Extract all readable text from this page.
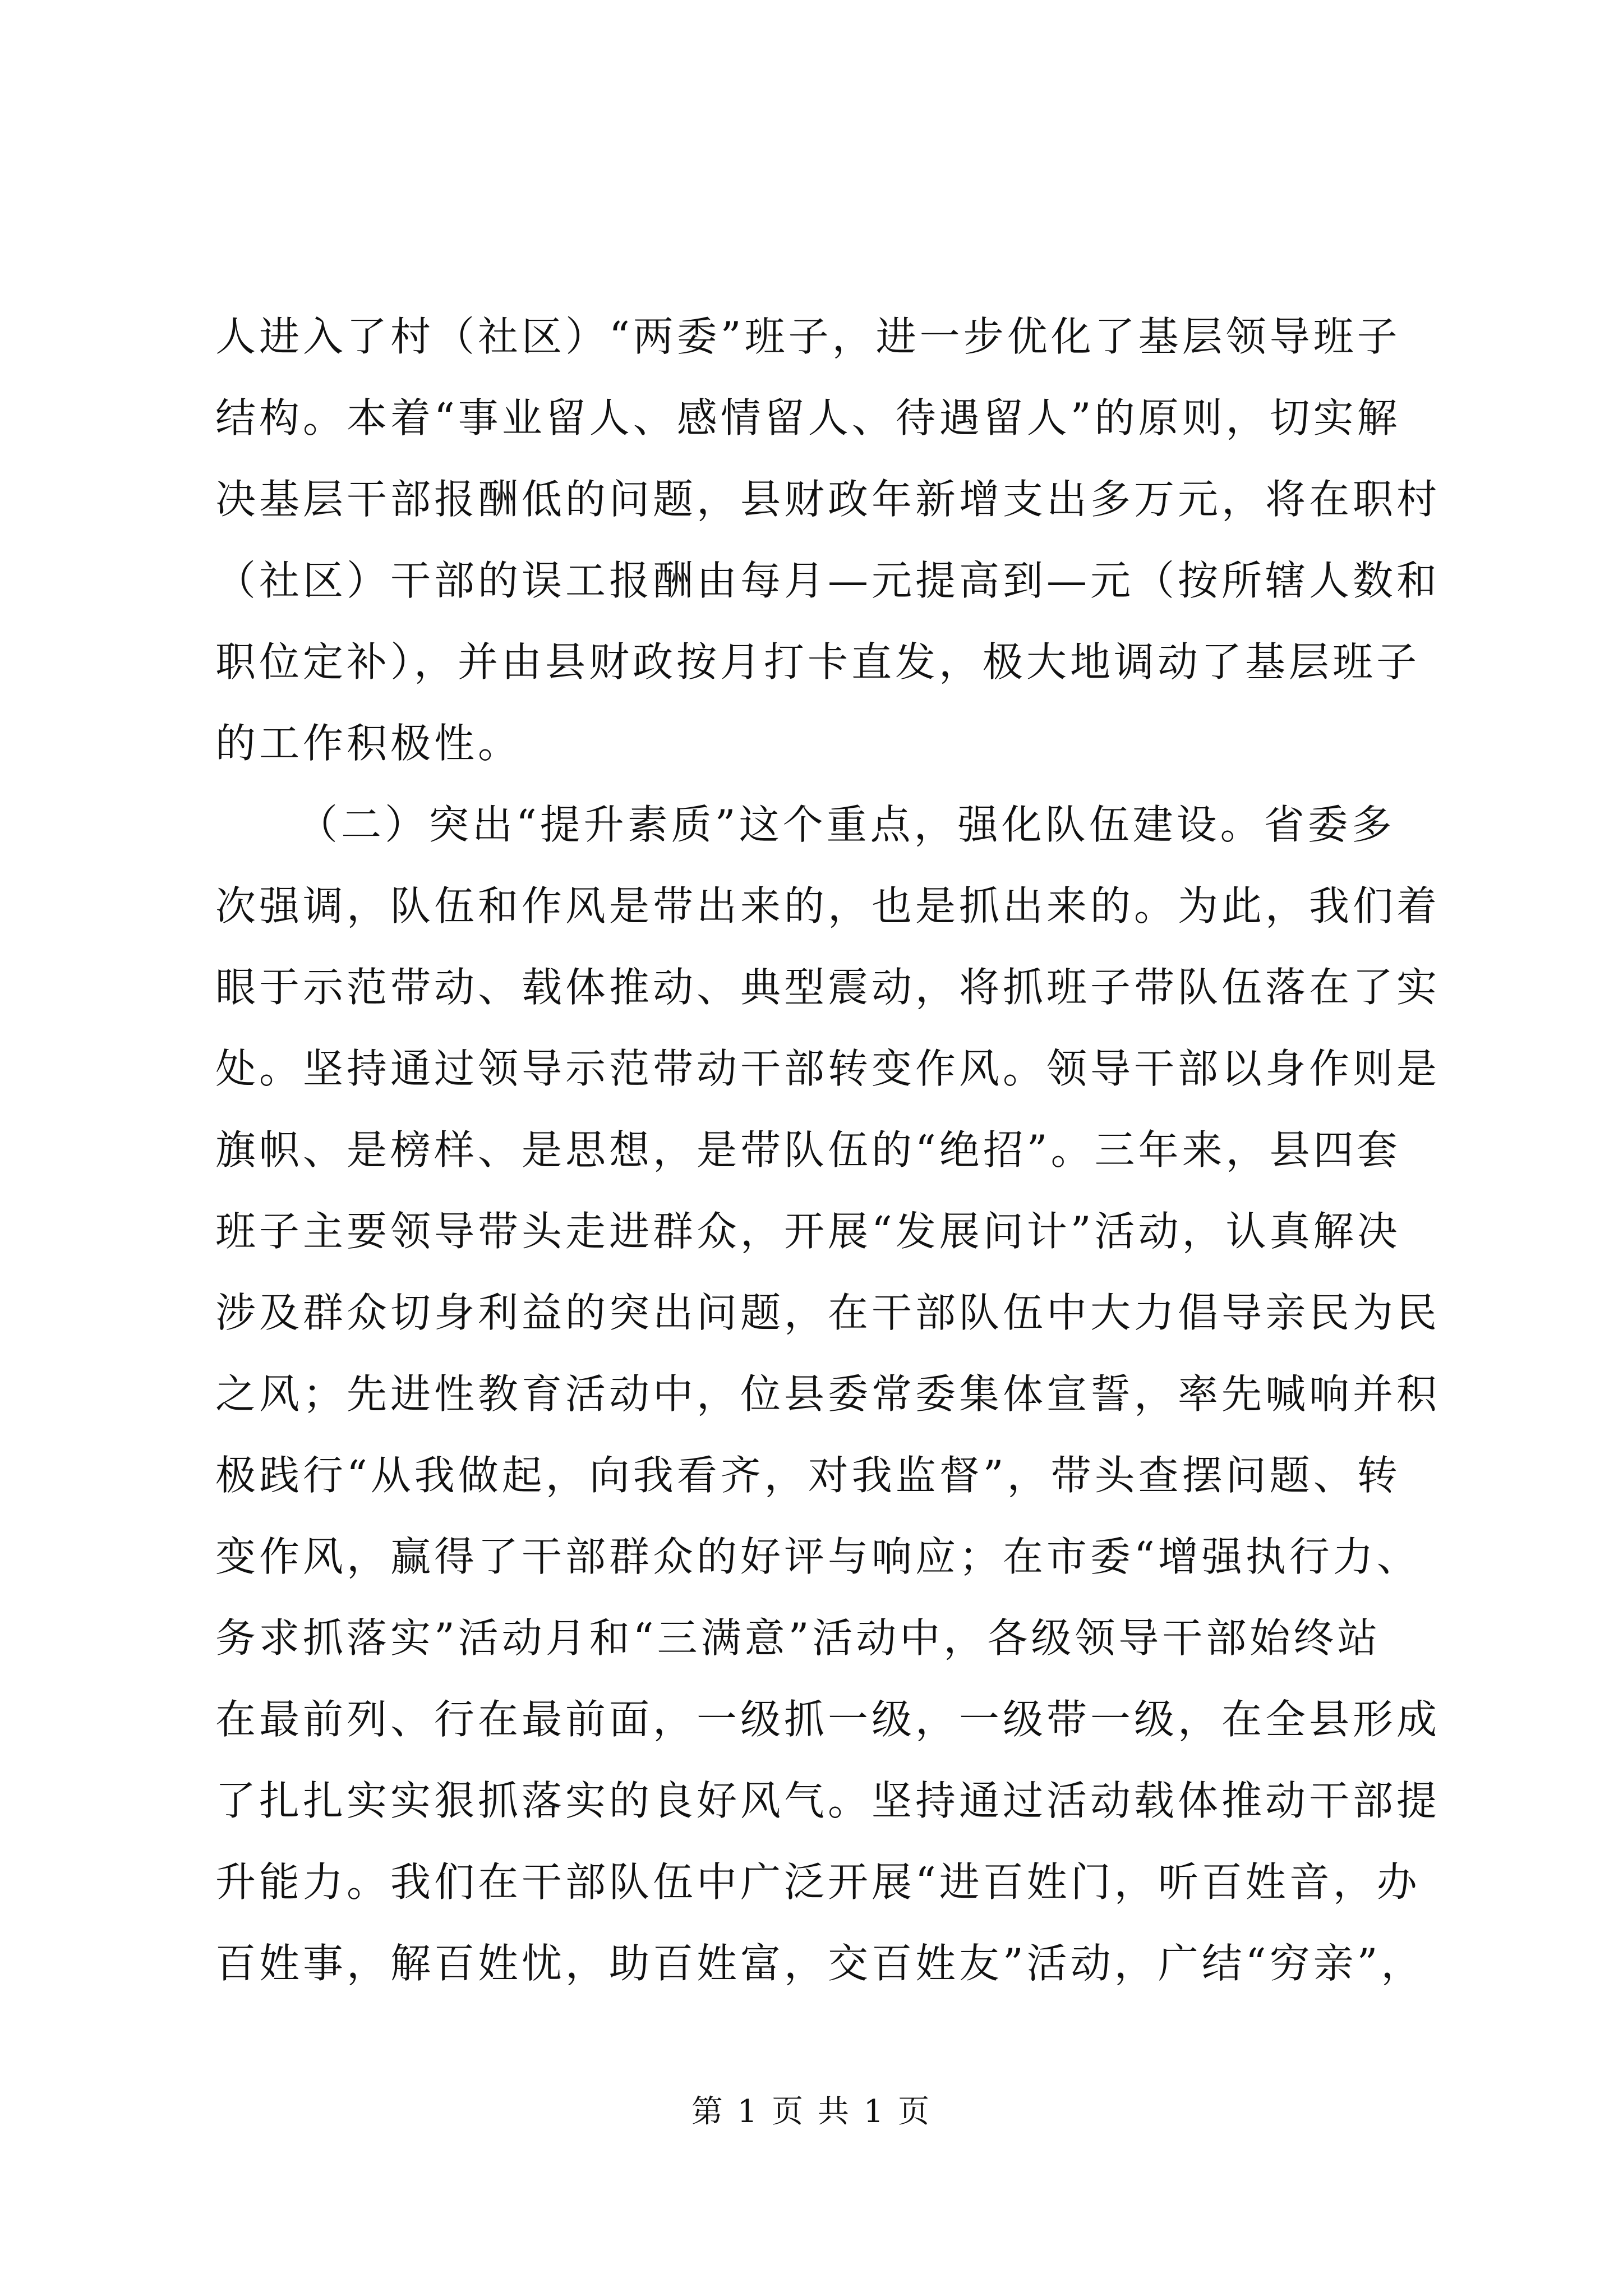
人进入了村（社区）“两委”班子，进一步优化了基层领导班子
结构。本着“事业留人、感情留人、待遇留人”的原则，切实解
决基层干部报酬低的问题，县财政年新增支出多万元，将在职村
（社区）干部的误工报酬由每月—元提高到—元（按所辖人数和
职位定补），并由县财政按月打卡直发，极大地调动了基层班子
的工作积极性。
（二）突出“提升素质”这个重点，强化队伍建设。省委多
次强调，队伍和作风是带出来的，也是抓出来的。为此，我们着
眼于示范带动、载体推动、典型震动，将抓班子带队伍落在了实
处。坚持通过领导示范带动干部转变作风。领导干部以身作则是
旗帜、是榜样、是思想，是带队伍的“绝招”。三年来，县四套
班子主要领导带头走进群众，开展“发展问计”活动，认真解决
涉及群众切身利益的突出问题，在干部队伍中大力倡导亲民为民
之风；先进性教育活动中，位县委常委集体宣誓，率先喊响并积
极践行“从我做起，向我看齐，对我监督”，带头查摆问题、转
变作风，赢得了干部群众的好评与响应；在市委“增强执行力、
务求抓落实”活动月和“三满意”活动中，各级领导干部始终站
在最前列、行在最前面，一级抓一级，一级带一级，在全县形成
了扎扎实实狠抓落实的良好风气。坚持通过活动载体推动干部提
升能力。我们在干部队伍中广泛开展“进百姓门，听百姓音，办
百姓事，解百姓忧，助百姓富，交百姓友”活动，广结“穷亲”，
第 1 页 共 1 页
